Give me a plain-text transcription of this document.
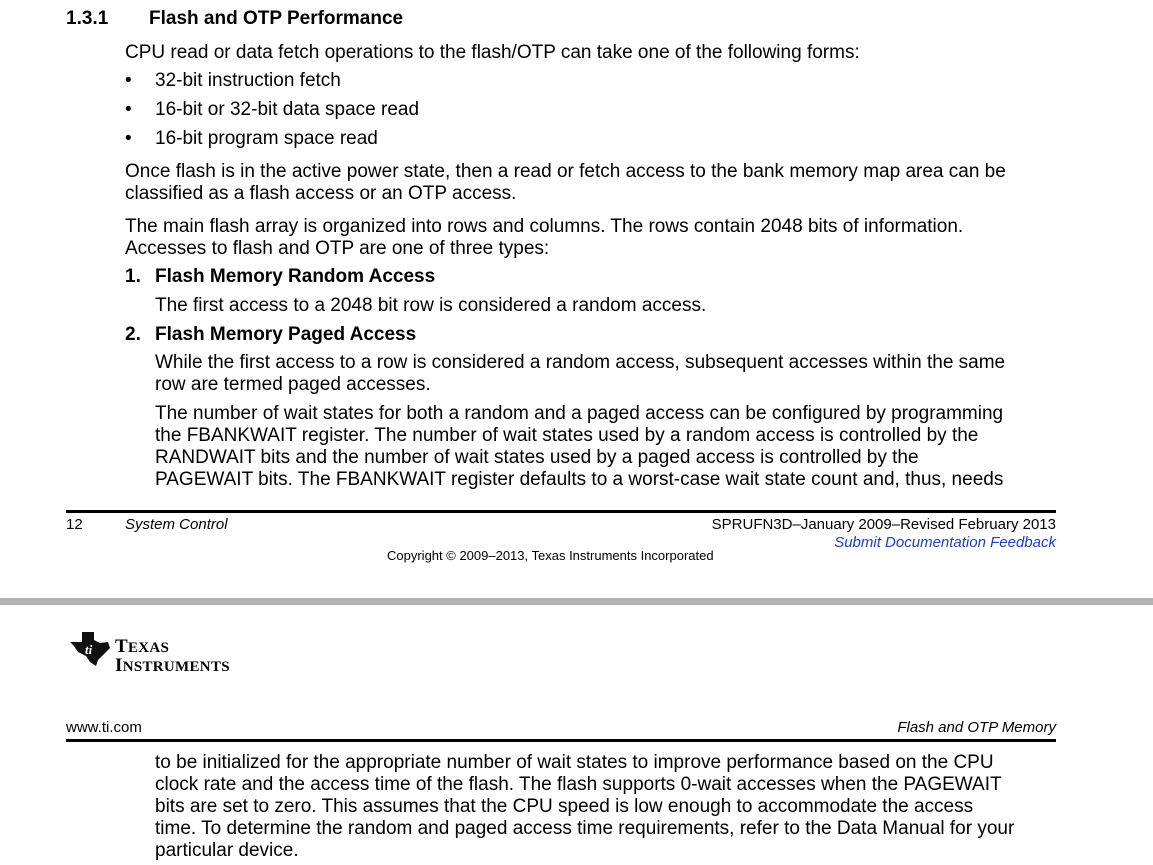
1.3.1 Flash and OTP Performance
CPU read or data fetch operations to the flash/OTP can take one of the following forms:
• 32-bit instruction fetch
• 16-bit or 32-bit data space read
• 16-bit program space read
Once flash is in the active power state, then a read or fetch access to the bank memory map area can be
classified as a flash access or an OTP access.
The main flash array is organized into rows and columns. The rows contain 2048 bits of information.
Accesses to flash and OTP are one of three types:
1. Flash Memory Random Access
The first access to a 2048 bit row is considered a random access.
2. Flash Memory Paged Access
While the first access to a row is considered a random access, subsequent accesses within the same
row are termed paged accesses.
The number of wait states for both a random and a paged access can be configured by programming
the FBANKWAIT register. The number of wait states used by a random access is controlled by the
RANDWAIT bits and the number of wait states used by a paged access is controlled by the
PAGEWAIT bits. The FBANKWAIT register defaults to a worst-case wait state count and, thus, needs
12	System Control	SPRUFN3D–January 2009–Revised February 2013
Submit Documentation Feedback
Copyright © 2009–2013, Texas Instruments Incorporated
ti TEXAS
INSTRUMENTS
www.ti.com	Flash and OTP Memory
to be initialized for the appropriate number of wait states to improve performance based on the CPU
clock rate and the access time of the flash. The flash supports 0-wait accesses when the PAGEWAIT
bits are set to zero. This assumes that the CPU speed is low enough to accommodate the access
time. To determine the random and paged access time requirements, refer to the Data Manual for your
particular device.
